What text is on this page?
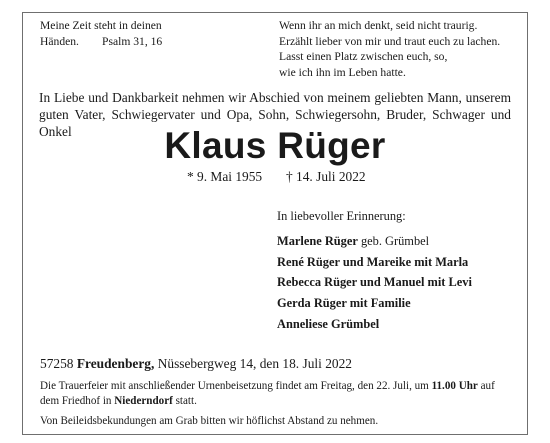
Meine Zeit steht in deinen
Händen. Psalm 31, 16
Wenn ihr an mich denkt, seid nicht traurig.
Erzählt lieber von mir und traut euch zu lachen.
Lasst einen Platz zwischen euch, so,
wie ich ihn im Leben hatte.
In Liebe und Dankbarkeit nehmen wir Abschied von meinem geliebten Mann, unserem
guten Vater, Schwiegervater und Opa, Sohn, Schwiegersohn, Bruder, Schwager und Onkel	Klaus Rüger
* 9. Mai 1955 † 14. Juli 2022
In liebevoller Erinnerung:
Marlene Rüger geb. Grümbel
René Rüger und Mareike mit Marla
Rebecca Rüger und Manuel mit Levi
Gerda Rüger mit Familie
Anneliese Grümbel
57258 Freudenberg, Nüssebergweg 14, den 18. Juli 2022
Die Trauerfeier mit anschließender Urnenbeisetzung findet am Freitag, den 22. Juli, um 11.00 Uhr auf
dem Friedhof in Niederndorf statt.
Von Beileidsbekundungen am Grab bitten wir höflichst Abstand zu nehmen.
